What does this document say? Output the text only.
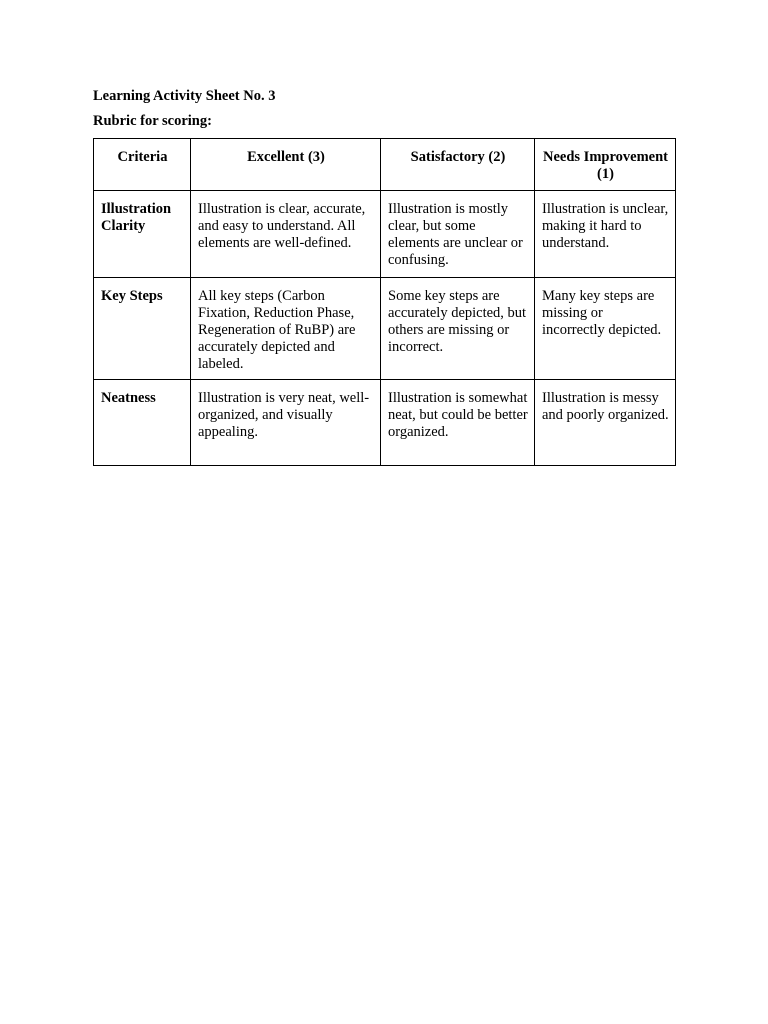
Learning Activity Sheet No. 3
Rubric for scoring:
Criteria	Excellent (3)	Satisfactory (2)	Needs Improvement (1)
Illustration Clarity	Illustration is clear, accurate, and easy to understand. All elements are well-defined.	Illustration is mostly clear, but some elements are unclear or confusing.	Illustration is unclear, making it hard to understand.
Key Steps	All key steps (Carbon Fixation, Reduction Phase, Regeneration of RuBP) are accurately depicted and labeled.	Some key steps are accurately depicted, but others are missing or incorrect.	Many key steps are missing or incorrectly depicted.
Neatness	Illustration is very neat, well-organized, and visually appealing.	Illustration is somewhat neat, but could be better organized.	Illustration is messy and poorly organized.
